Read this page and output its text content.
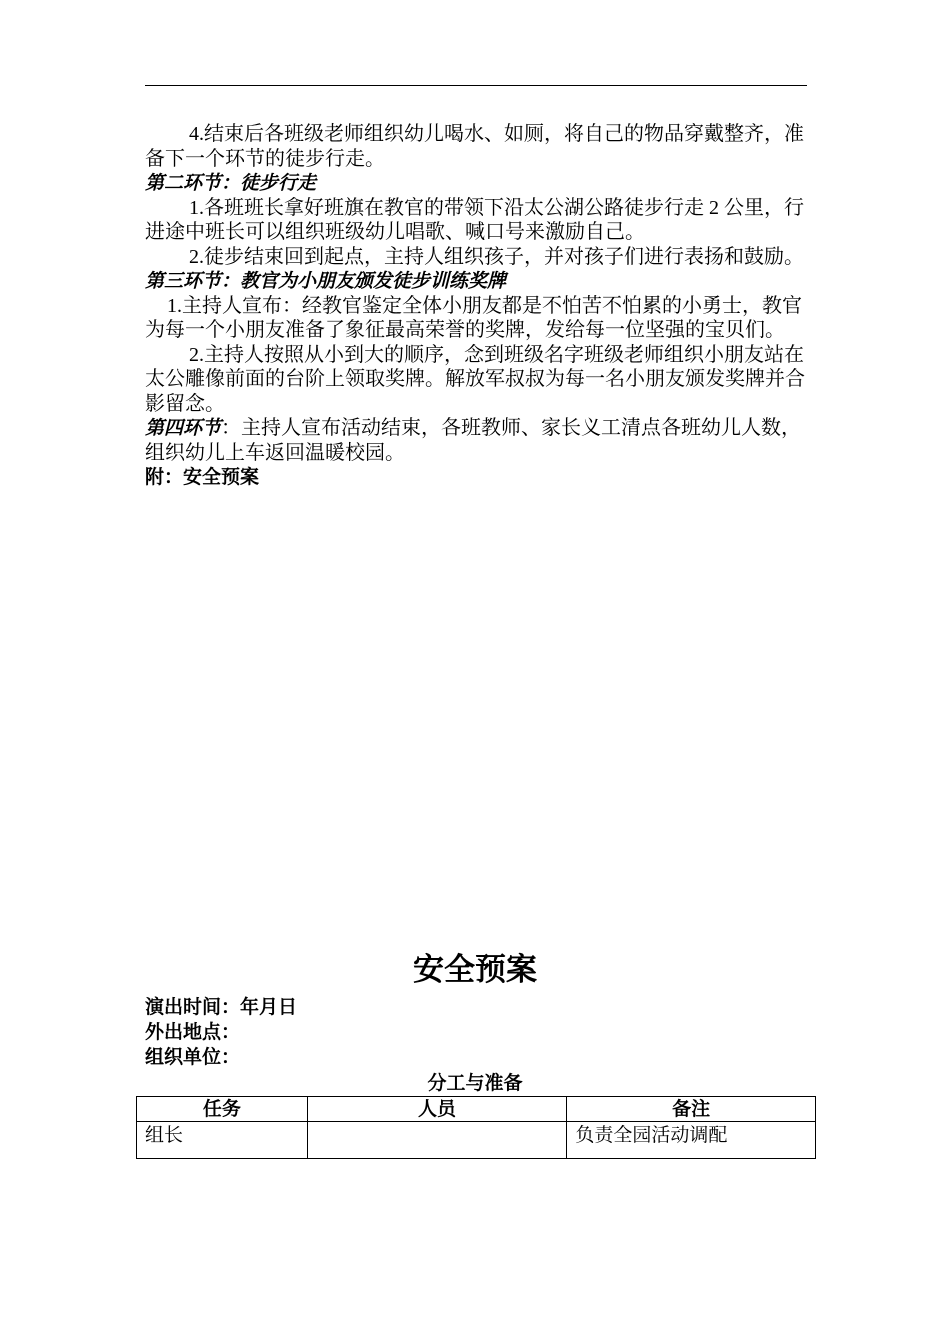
4.结束后各班级老师组织幼儿喝水、如厕，将自己的物品穿戴整齐，准备下一个环节的徒步行走。

第二环节：徒步行走

1.各班班长拿好班旗在教官的带领下沿太公湖公路徒步行走 2 公里，行进途中班长可以组织班级幼儿唱歌、喊口号来激励自己。

2.徒步结束回到起点，主持人组织孩子，并对孩子们进行表扬和鼓励。

第三环节：教官为小朋友颁发徒步训练奖牌

1.主持人宣布：经教官鉴定全体小朋友都是不怕苦不怕累的小勇士，教官为每一个小朋友准备了象征最高荣誉的奖牌，发给每一位坚强的宝贝们。

2.主持人按照从小到大的顺序，念到班级名字班级老师组织小朋友站在太公雕像前面的台阶上领取奖牌。解放军叔叔为每一名小朋友颁发奖牌并合影留念。

第四环节：主持人宣布活动结束，各班教师、家长义工清点各班幼儿人数，组织幼儿上车返回温暖校园。

附：安全预案

安全预案
演出时间：年月日
外出地点：
组织单位：
分工与准备
任务	人员	备注
组长		负责全园活动调配
